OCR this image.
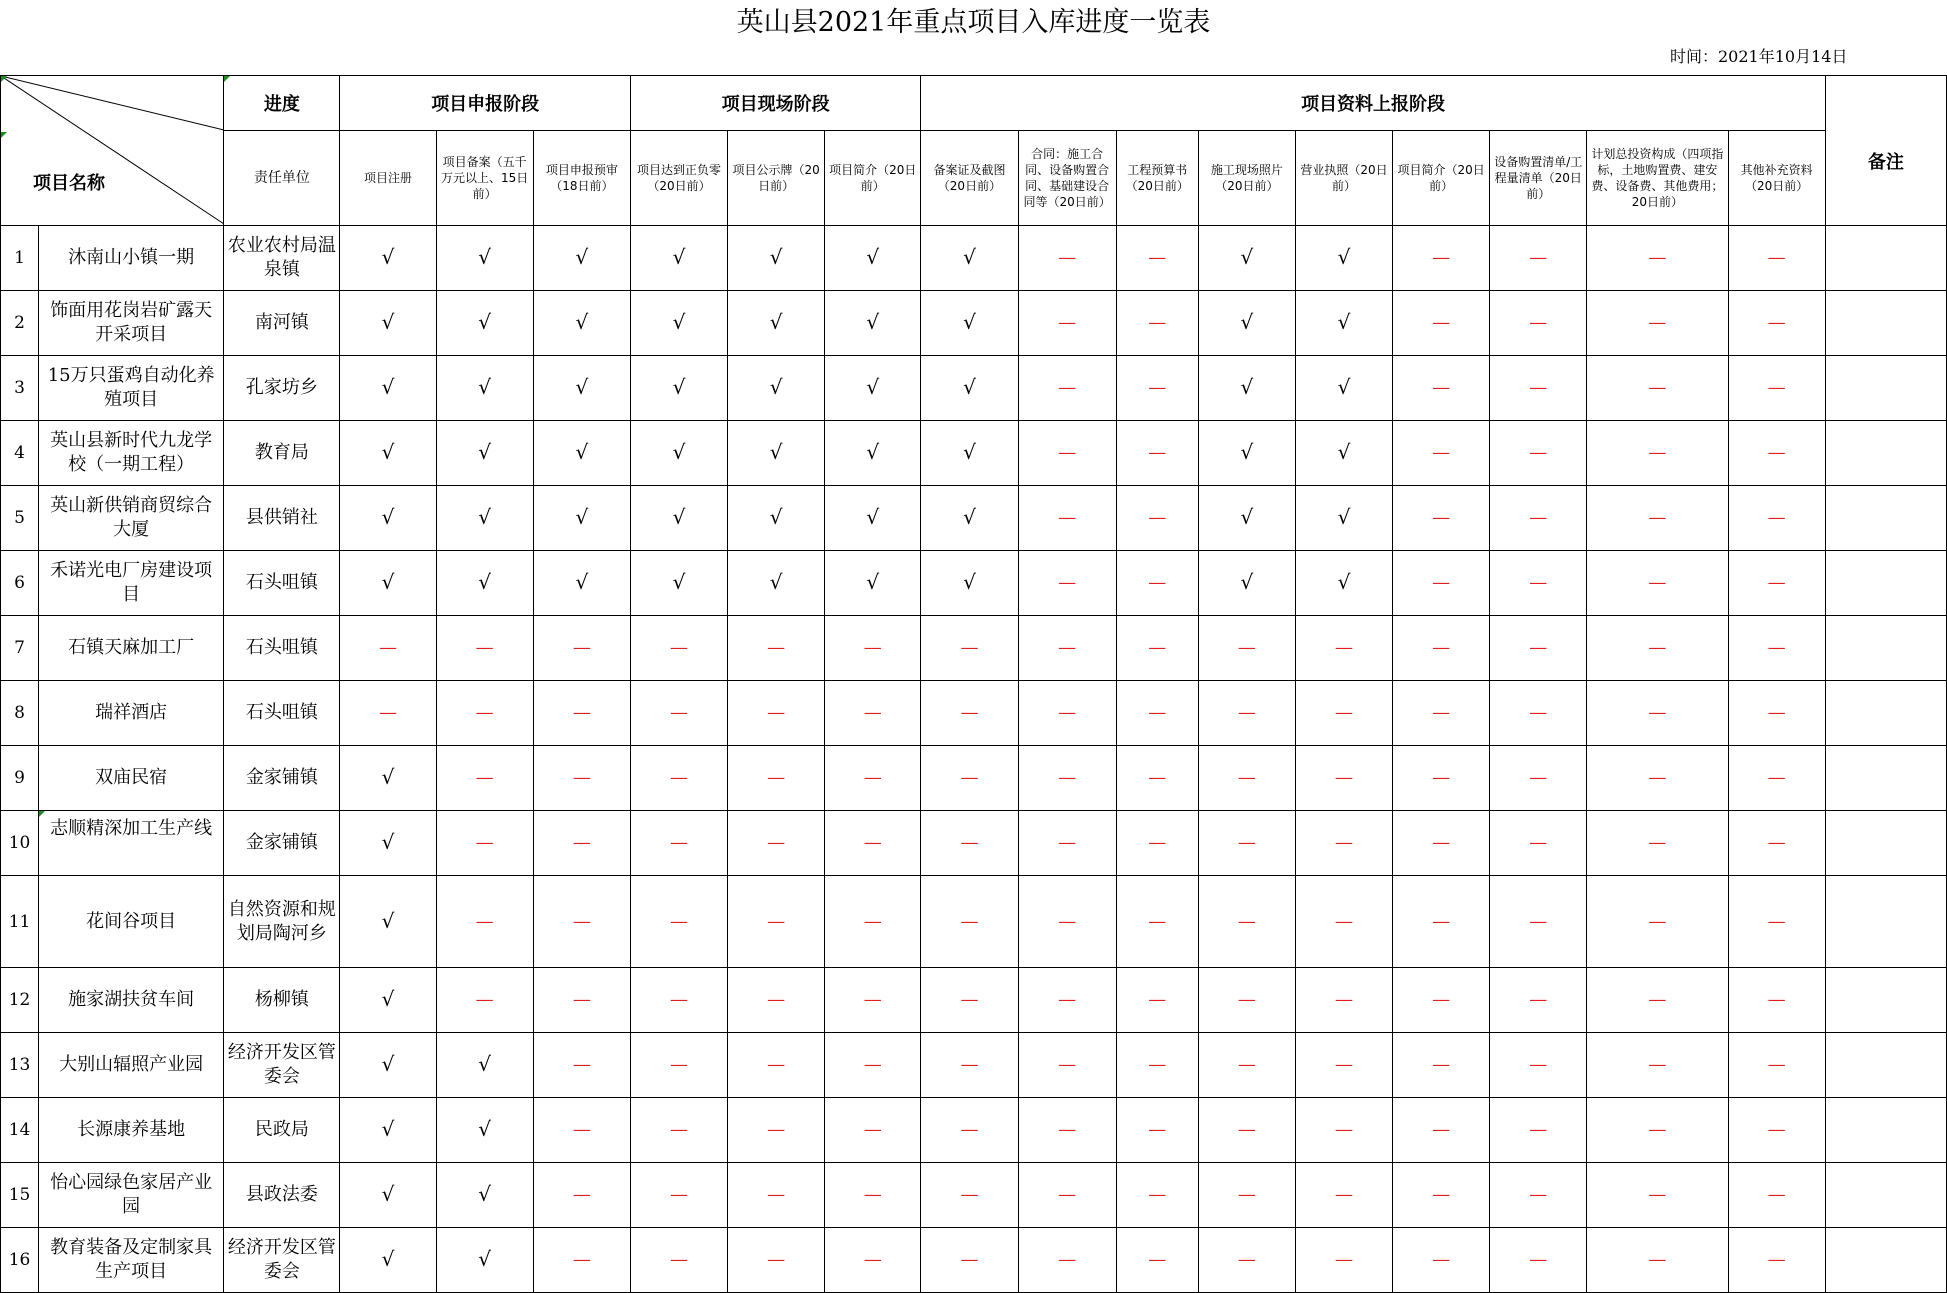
英山县2021年重点项目入库进度一览表
时间：2021年10月14日
项目名称		进度	项目申报阶段			项目现场阶段			项目资料上报阶段									备注
		责任单位	项目注册	项目备案（五千万元以上、15日前）	项目申报预审（18日前）	项目达到正负零（20日前）	项目公示牌（20日前）	项目简介（20日前）	备案证及截图（20日前）	合同：施工合同、设备购置合同、基础建设合同等（20日前）	工程预算书（20日前）	施工现场照片（20日前）	营业执照（20日前）	项目简介（20日前）	设备购置清单/工程量清单（20日前）	计划总投资构成（四项指标，土地购置费、建安费、设备费、其他费用；20日前）	其他补充资料（20日前）	
1	沐南山小镇一期	农业农村局温泉镇	√	√	√	√	√	√	√	—	—	√	√	—	—	—	—	
2	饰面用花岗岩矿露天开采项目	南河镇	√	√	√	√	√	√	√	—	—	√	√	—	—	—	—	
3	15万只蛋鸡自动化养殖项目	孔家坊乡	√	√	√	√	√	√	√	—	—	√	√	—	—	—	—	
4	英山县新时代九龙学校（一期工程）	教育局	√	√	√	√	√	√	√	—	—	√	√	—	—	—	—	
5	英山新供销商贸综合大厦	县供销社	√	√	√	√	√	√	√	—	—	√	√	—	—	—	—	
6	禾诺光电厂房建设项目	石头咀镇	√	√	√	√	√	√	√	—	—	√	√	—	—	—	—	
7	石镇天麻加工厂	石头咀镇	—	—	—	—	—	—	—	—	—	—	—	—	—	—	—	
8	瑞祥酒店	石头咀镇	—	—	—	—	—	—	—	—	—	—	—	—	—	—	—	
9	双庙民宿	金家铺镇	√	—	—	—	—	—	—	—	—	—	—	—	—	—	—	
10	志顺精深加工生产线	金家铺镇	√	—	—	—	—	—	—	—	—	—	—	—	—	—	—	
11	花间谷项目	自然资源和规划局陶河乡	√	—	—	—	—	—	—	—	—	—	—	—	—	—	—	
12	施家湖扶贫车间	杨柳镇	√	—	—	—	—	—	—	—	—	—	—	—	—	—	—	
13	大别山辐照产业园	经济开发区管委会	√	√	—	—	—	—	—	—	—	—	—	—	—	—	—	
14	长源康养基地	民政局	√	√	—	—	—	—	—	—	—	—	—	—	—	—	—	
15	怡心园绿色家居产业园	县政法委	√	√	—	—	—	—	—	—	—	—	—	—	—	—	—	
16	教育装备及定制家具生产项目	经济开发区管委会	√	√	—	—	—	—	—	—	—	—	—	—	—	—	—	
